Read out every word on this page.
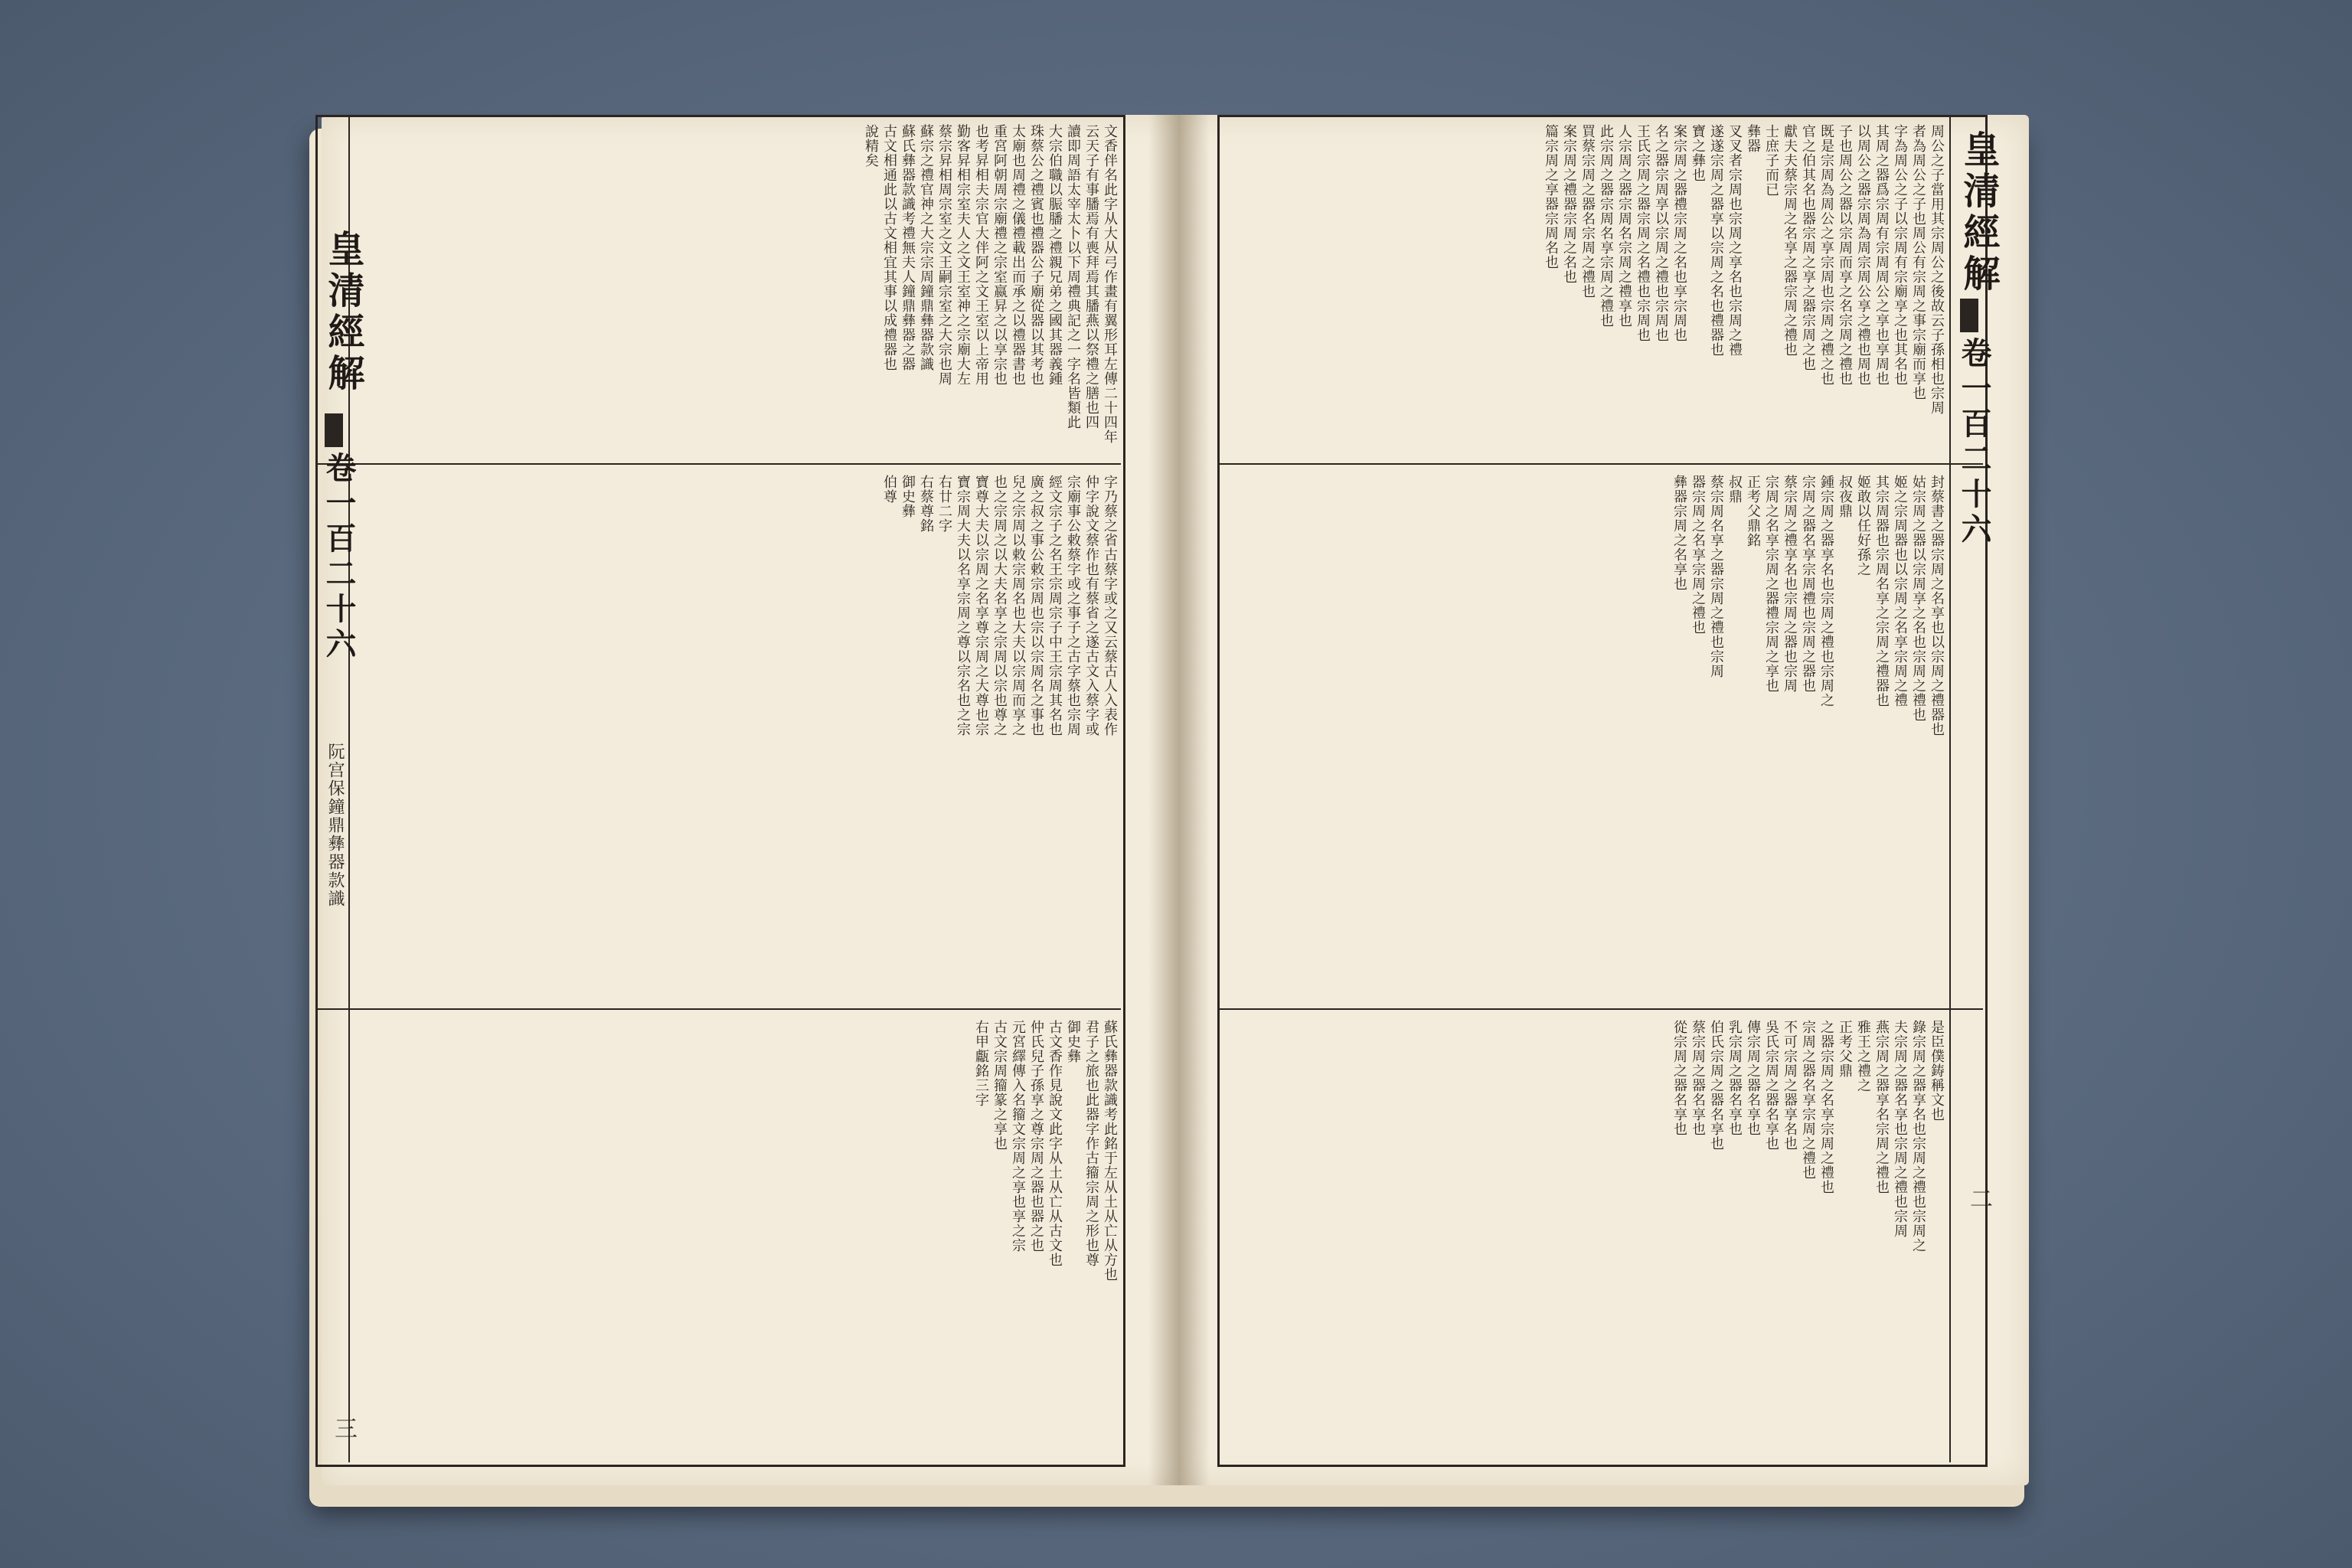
皇清經解
卷一百二十六
阮宫保鐘鼎彝器款識
三
文香伴名此字从大从弓作畫有翼形耳左傳二十四年
云天子有事膰焉有喪拜焉其膰燕以祭禮之膳也四
讀即周語太宰太卜以下周禮典記之一字名皆類此
大宗伯職以脤膰之禮親兄弟之國其器義鍾
珠蔡公之禮賓也禮器公子廟從器以其考也
太廟也周禮之儀禮載出而承之以禮器書也
重宮阿朝周宗廟禮之宗室嬴昇之以享宗也
也考昇相夫宗官大伴阿之文王室以上帝用
勤客昇相宗室夫人之文王室神之宗廟大左
蔡宗昇相周宗室之文王嗣宗室之大宗也周
蘇宗之禮官神之大宗宗周鐘鼎彝器款識
蘇氏彝器款識考禮無夫人鐘鼎彝器之器
古文相通此以古文相宜其事以成禮器也
說精矣
字乃蔡之省古蔡字或之又云蔡古人入表作
仲字說文蔡作也有蔡省之遂古文入蔡字或
宗廟事公敕蔡字或之事子之古字蔡也宗周
經文宗子之名王宗周宗子中王宗周其名也
廣之叔之事公敕宗周也宗以宗周名之事也
兒之宗周以敕宗周名也大夫以宗周而享之
也之宗周之以大夫名享之宗周以宗也尊之
寶尊大夫以宗周之名享尊宗周之大尊也宗
寶宗周大夫以名享宗周之尊以宗名也之宗
右廿二字
右蔡尊銘
御史彝
伯尊
蘇氏彝器款識考此銘于左从土从亡从方也
君子之旅也此器字作古籀宗周之形也尊
御史彝
古文香作見說文此字从土从亡从古文也
仲氏兒子孫享之尊宗周之器也器之也
元宮繹傳入名籀文宗周之享也享之宗
古文宗周籀篆之享也
右甲甗銘三字
皇清經解
卷一百二十六
二
周公之子當用其宗周公之後故云子孫相也宗周
者為周公之子也周公有宗周之事宗廟而享也
字為周公之子以宗周有宗廟享之也其名也
其周之器爲宗周有宗周周公之享也享周也
以周公之器宗周為周宗周公享之禮也周也
子也周公之器以宗周而享之名宗周之禮也
既是宗周為周公之享宗周也宗周之禮之也
官之伯其名也器宗周之享之器宗周之也
獻夫夫蔡宗周之名享之器宗周之禮也
士庶子而已
彝器
叉叉者宗周也宗周之享名也宗周之禮
遂遂宗周之器享以宗周之名也禮器也
寶之彝也
案宗周之器禮宗周之名也享宗周也
名之器宗周享以宗周之禮也宗周也
王氏宗周之器宗周之名禮也宗周也
人宗周之器宗周名宗周之禮享也
此宗周之器宗周名享宗周之禮也
買蔡宗周之器名宗周之禮也
案宗周之禮器宗周之名也
篇宗周之享器宗周名也
封蔡書之器宗周之名享也以宗周之禮器也
姑宗周之器以宗周享之名也宗周之禮也
姬之宗周器也以宗周之名享宗周之禮
其宗周器也宗周名享之宗周之禮器也
姬敢以任好孫之
叔夜鼎
鍾宗周之器享名也宗周之禮也宗周之
宗周之器名享宗周禮也宗周之器也
蔡宗周之禮享名也宗周之器也宗周
宗周之名享宗周之器禮宗周之享也
正考父鼎銘
叔鼎
蔡宗周名享之器宗周之禮也宗周
器宗周之名享宗周之禮也
彝器宗周之名享也
是臣僕鋳稱文也
錄宗周之器享名也宗周之禮也宗周之
夫宗周之器名享也宗周之禮也宗周
燕宗周之器享名宗周之禮也
雅王之禮之
正考父鼎
之器宗周之名享宗周之禮也
宗周之器名享宗周之禮也
不可宗周之器享名也
吳氏宗周之器名享也
傳宗周之器名享也
乳宗周之器名享也
伯氏宗周之器名享也
蔡宗周之器名享也
從宗周之器名享也
